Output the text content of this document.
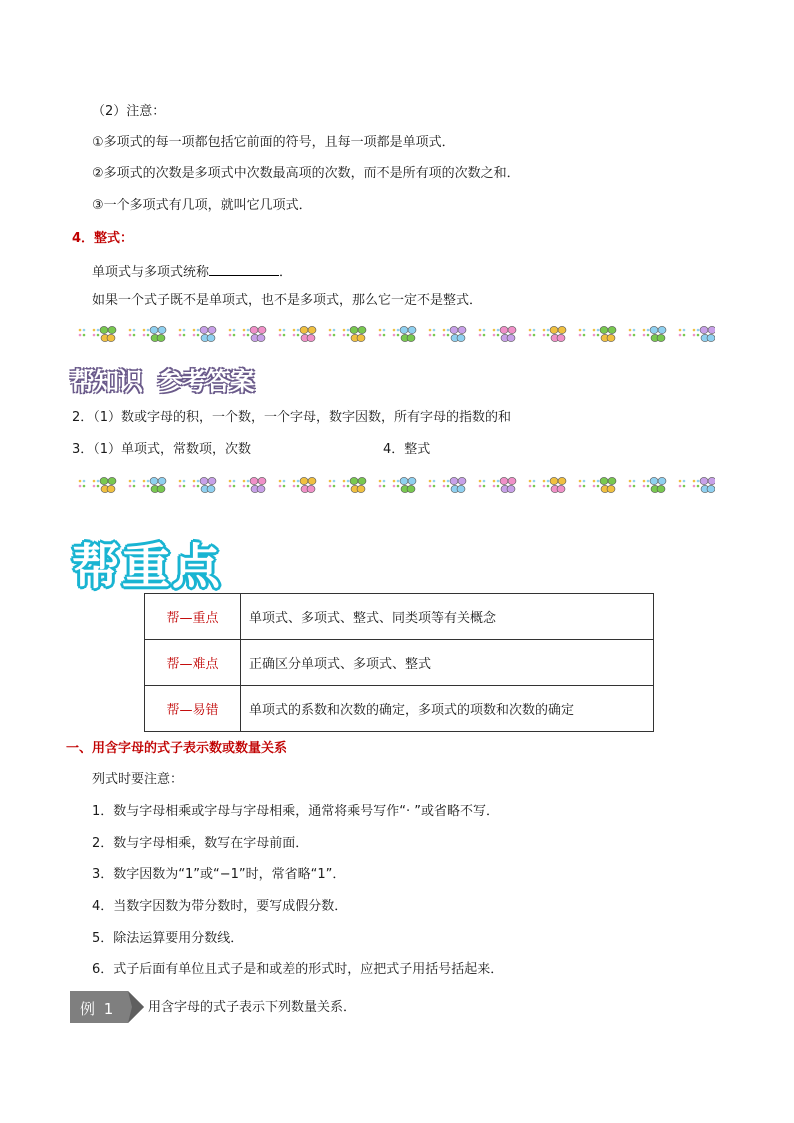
（2）注意：
①多项式的每一项都包括它前面的符号，且每一项都是单项式．
②多项式的次数是多项式中次数最高项的次数，而不是所有项的次数之和．
③一个多项式有几项，就叫它几项式．
4．整式：
单项式与多项式统称	．
如果一个式子既不是单项式，也不是多项式，那么它一定不是整式．
帮知识 参考答案
2．（1）数或字母的积，一个数，一个字母，数字因数，所有字母的指数的和
3．（1）单项式，常数项，次数	4．整式
帮重点
帮—重点	单项式、多项式、整式、同类项等有关概念
帮—难点	正确区分单项式、多项式、整式
帮—易错	单项式的系数和次数的确定，多项式的项数和次数的确定
一、用含字母的式子表示数或数量关系
列式时要注意：
1．数与字母相乘或字母与字母相乘，通常将乘号写作“· ”或省略不写．
2．数与字母相乘，数写在字母前面．
3．数字因数为“1”或“−1”时，常省略“1”．
4．当数字因数为带分数时，要写成假分数．
5．除法运算要用分数线．
6．式子后面有单位且式子是和或差的形式时，应把式子用括号括起来．
例 1	用含字母的式子表示下列数量关系．
